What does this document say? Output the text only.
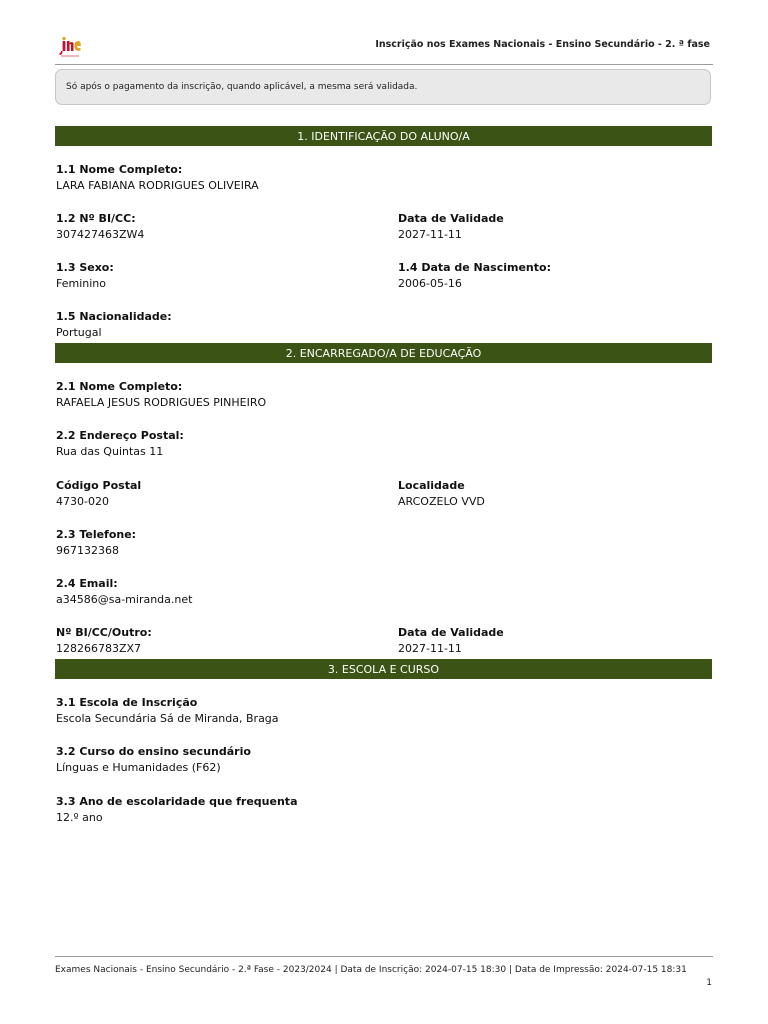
Inscrição nos Exames Nacionais - Ensino Secundário - 2. ª fase
Só após o pagamento da inscrição, quando aplicável, a mesma será validada.
1. IDENTIFICAÇÃO DO ALUNO/A
1.1 Nome Completo:
LARA FABIANA RODRIGUES OLIVEIRA
1.2 Nº BI/CC:
307427463ZW4
Data de Validade
2027-11-11
1.3 Sexo:
Feminino
1.4 Data de Nascimento:
2006-05-16
1.5 Nacionalidade:
Portugal
2. ENCARREGADO/A DE EDUCAÇÃO
2.1 Nome Completo:
RAFAELA JESUS RODRIGUES PINHEIRO
2.2 Endereço Postal:
Rua das Quintas 11
Código Postal
4730-020
Localidade
ARCOZELO VVD
2.3 Telefone:
967132368
2.4 Email:
a34586@sa-miranda.net
Nº BI/CC/Outro:
128266783ZX7
Data de Validade
2027-11-11
3. ESCOLA E CURSO
3.1 Escola de Inscrição
Escola Secundária Sá de Miranda, Braga
3.2 Curso do ensino secundário
Línguas e Humanidades (F62)
3.3 Ano de escolaridade que frequenta
12.º ano
Exames Nacionais - Ensino Secundário - 2.ª Fase - 2023/2024 | Data de Inscrição: 2024-07-15 18:30 | Data de Impressão: 2024-07-15 18:31
1
